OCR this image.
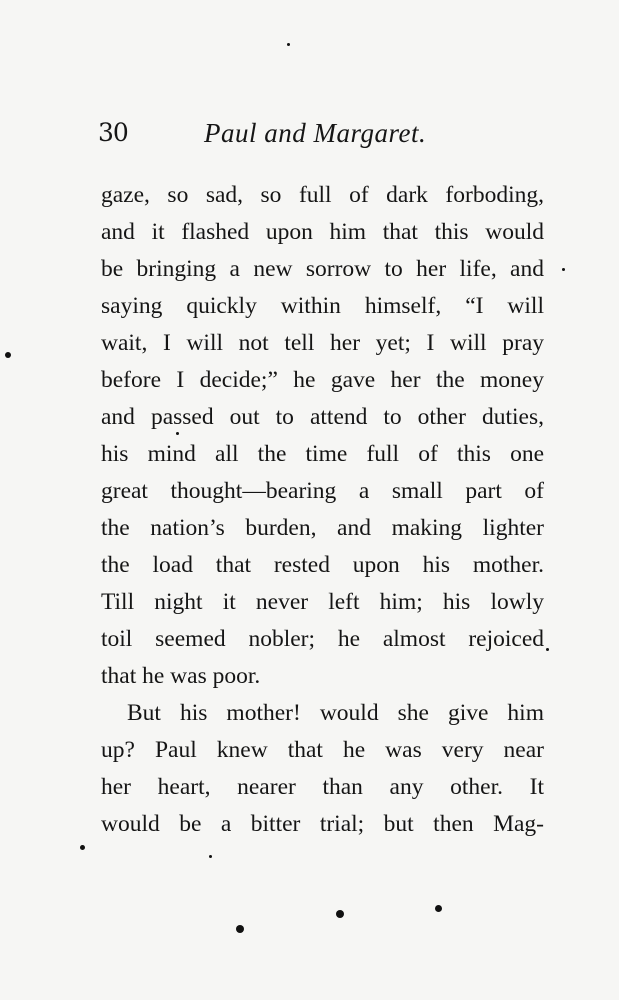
30	Paul and Margaret.
gaze, so sad, so full of dark forboding,
and it flashed upon him that this would
be bringing a new sorrow to her life, and
saying quickly within himself, “I will
wait, I will not tell her yet; I will pray
before I decide;” he gave her the money
and passed out to attend to other duties,
his mind all the time full of this one
great thought—bearing a small part of
the nation’s burden, and making lighter
the load that rested upon his mother.
Till night it never left him; his lowly
toil seemed nobler; he almost rejoiced
that he was poor.
But his mother! would she give him
up? Paul knew that he was very near
her heart, nearer than any other. It
would be a bitter trial; but then Mag-
